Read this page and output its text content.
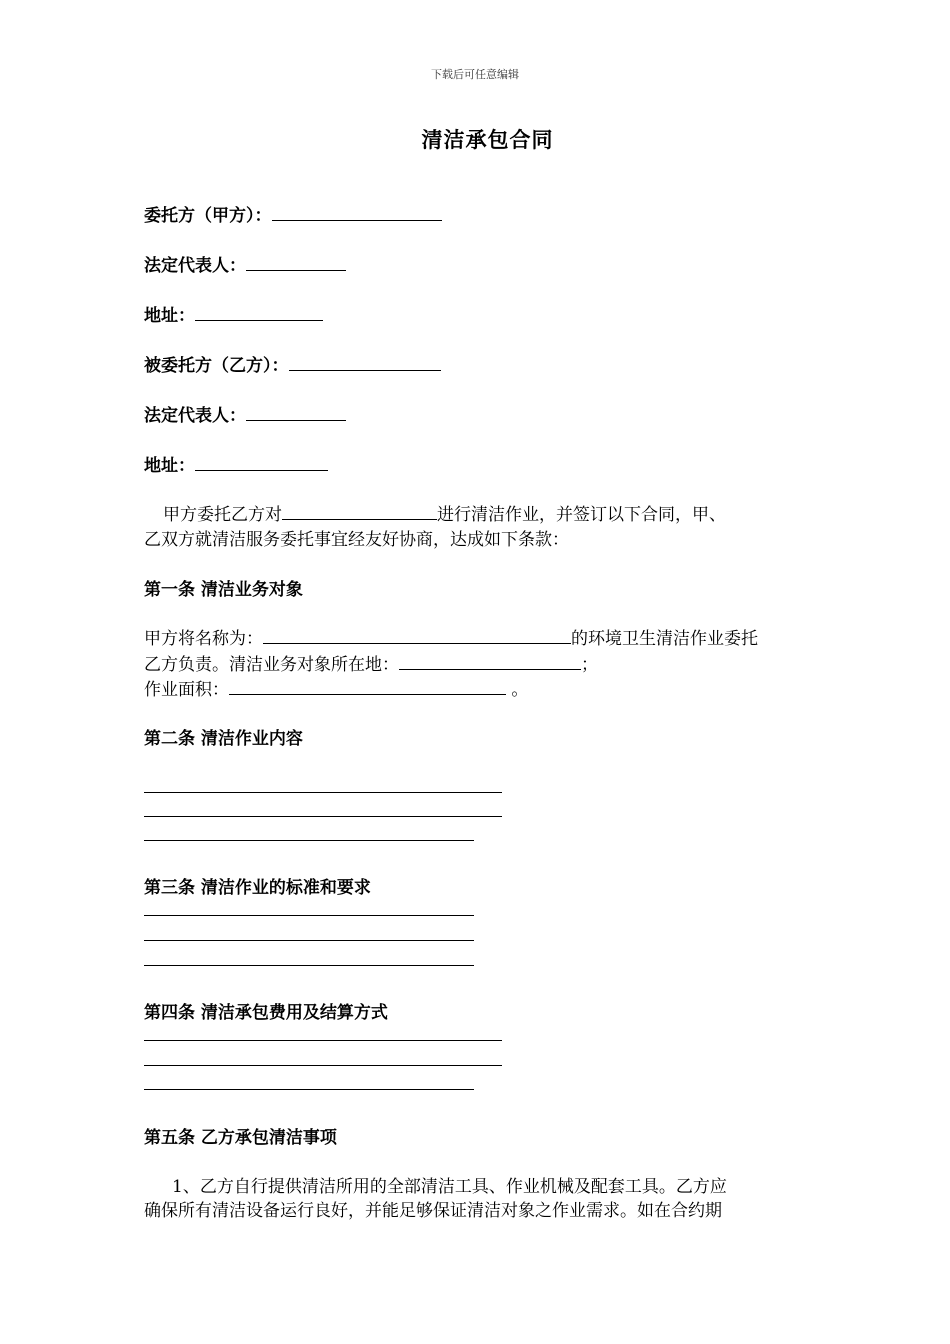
下载后可任意编辑
清洁承包合同
委托方（甲方）：
法定代表人：
地址：
被委托方（乙方）：
法定代表人：
地址：
甲方委托乙方对	进行清洁作业，并签订以下合同，甲、
乙双方就清洁服务委托事宜经友好协商，达成如下条款：
第一条 清洁业务对象
甲方将名称为：	的环境卫生清洁作业委托
乙方负责。清洁业务对象所在地：	；
作业面积：	。
第二条 清洁作业内容
第三条 清洁作业的标准和要求
第四条 清洁承包费用及结算方式
第五条 乙方承包清洁事项
1、乙方自行提供清洁所用的全部清洁工具、作业机械及配套工具。乙方应
确保所有清洁设备运行良好，并能足够保证清洁对象之作业需求。如在合约期
